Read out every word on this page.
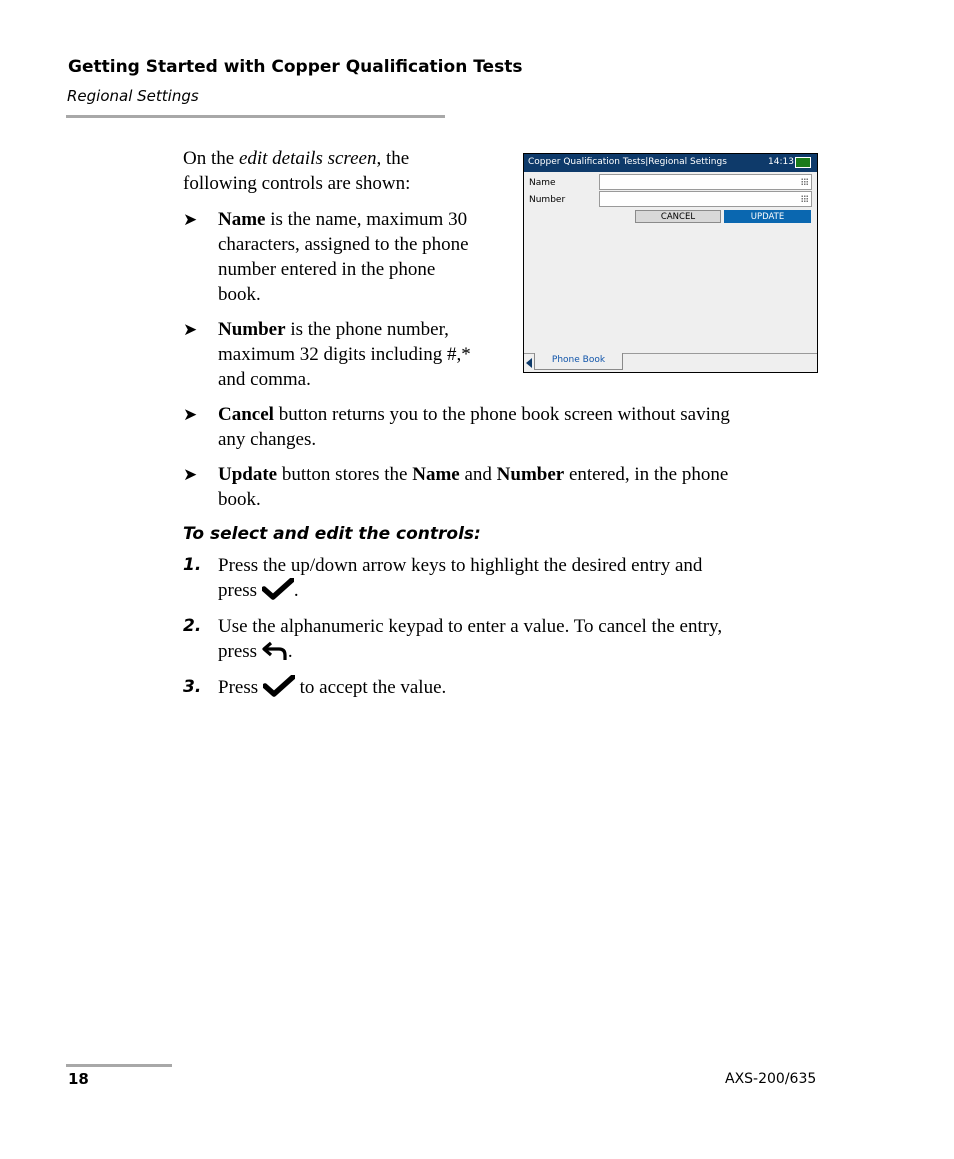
Getting Started with Copper Qualification Tests
Regional Settings
On the edit details screen, the
following controls are shown:
➤ Name is the name, maximum 30
characters, assigned to the phone
number entered in the phone
book.
➤ Number is the phone number,
maximum 32 digits including #,*
and comma.
➤ Cancel button returns you to the phone book screen without saving
any changes.
➤ Update button stores the Name and Number entered, in the phone
book.
To select and edit the controls:
1. Press the up/down arrow keys to highlight the desired entry and
press .
2. Use the alphanumeric keypad to enter a value. To cancel the entry,
press .
3. Press to accept the value.
Copper Qualification Tests|Regional Settings	14:13
Name
Number
CANCEL	UPDATE
Phone Book
18	AXS-200/635
